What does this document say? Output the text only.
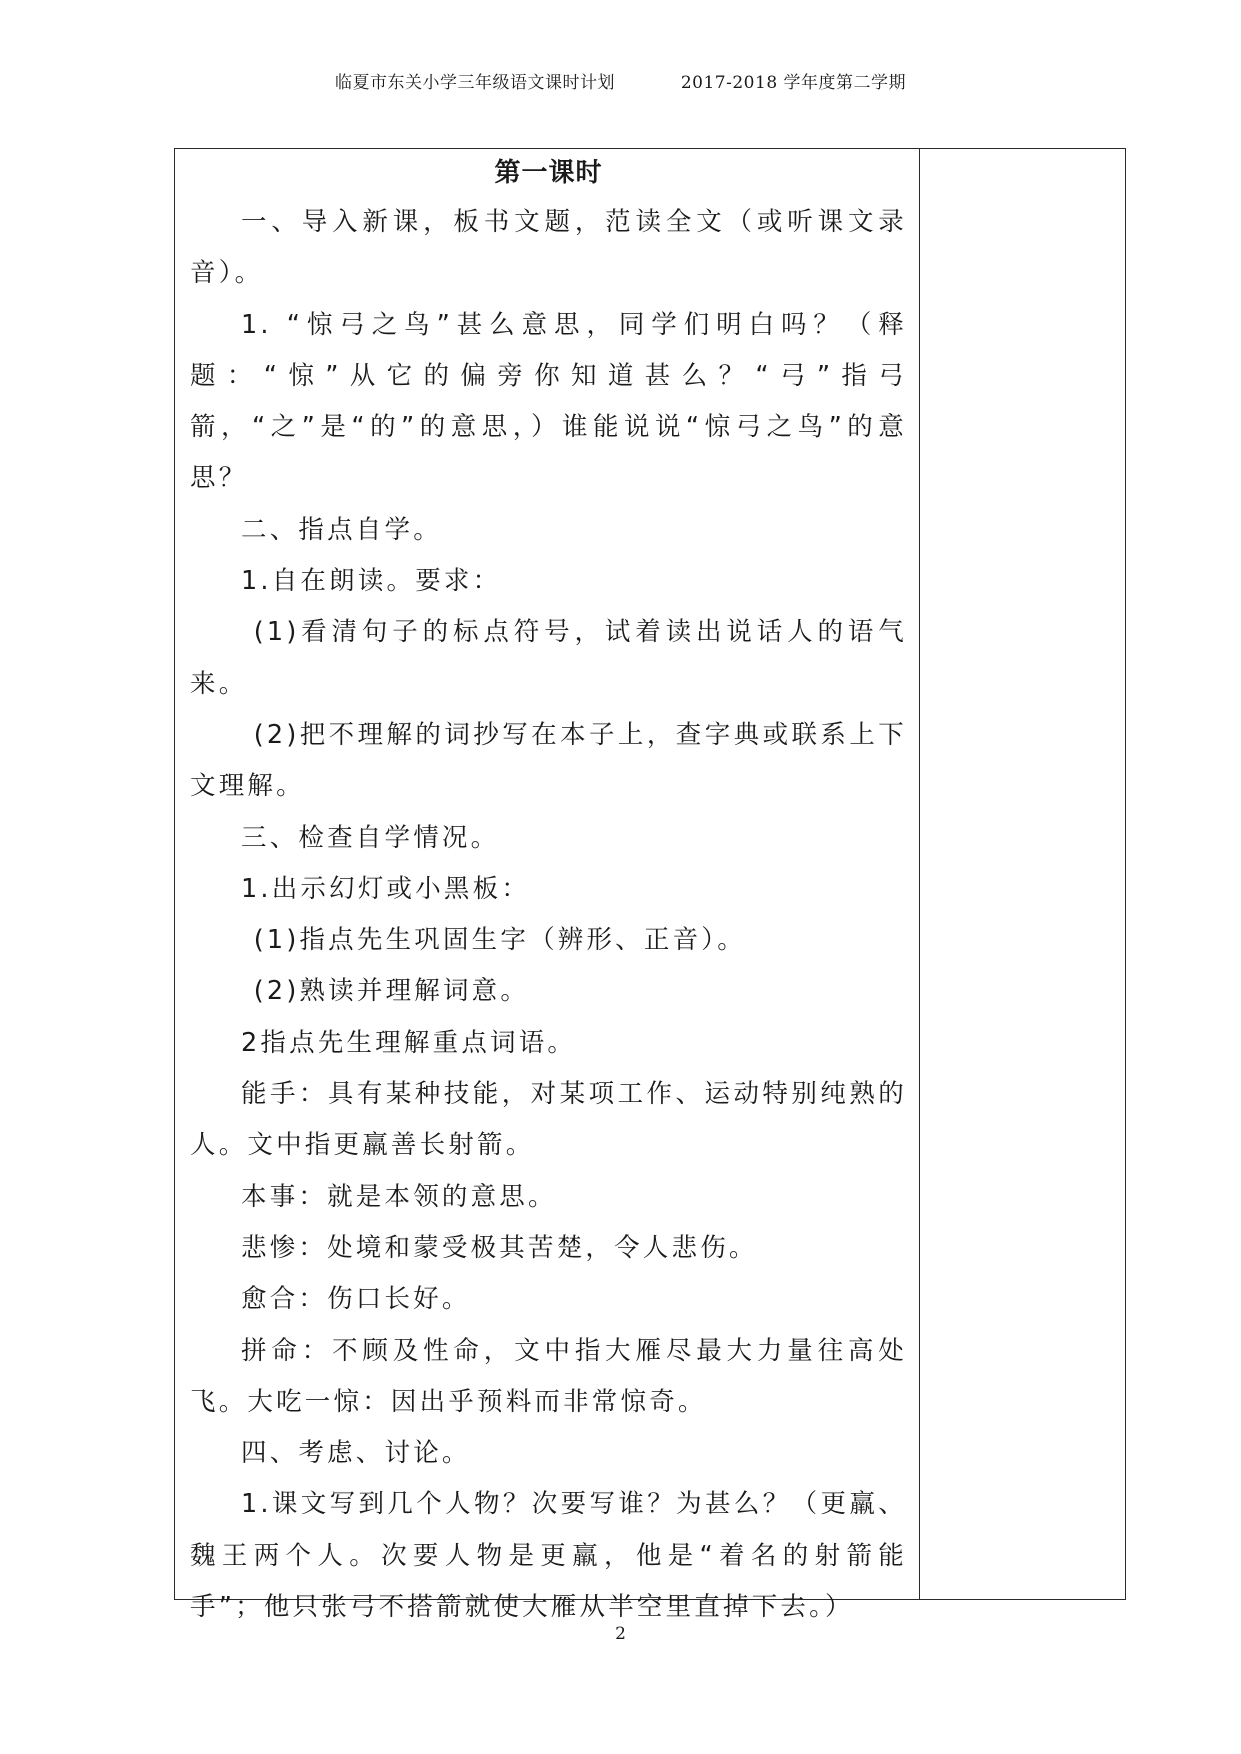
临夏市东关小学三年级语文课时计划	2017-2018 学年度第二学期
第一课时

一、导入新课，板书文题，范读全文（或听课文录音）。

1. “惊弓之鸟”甚么意思，同学们明白吗？（释题：“惊”从它的偏旁你知道甚么？“弓”指弓箭，“之”是“的”的意思，）谁能说说“惊弓之鸟”的意思？

二、指点自学。

1.自在朗读。要求：

(1)看清句子的标点符号，试着读出说话人的语气来。

(2)把不理解的词抄写在本子上，查字典或联系上下文理解。

三、检查自学情况。

1.出示幻灯或小黑板：

(1)指点先生巩固生字（辨形、正音）。

(2)熟读并理解词意。

2指点先生理解重点词语。

能手：具有某种技能，对某项工作、运动特别纯熟的人。文中指更羸善长射箭。

本事：就是本领的意思。

悲惨：处境和蒙受极其苦楚，令人悲伤。

愈合：伤口长好。

拼命：不顾及性命，文中指大雁尽最大力量往高处飞。大吃一惊：因出乎预料而非常惊奇。

四、考虑、讨论。

1.课文写到几个人物？次要写谁？为甚么？（更羸、魏王两个人。次要人物是更羸，他是“着名的射箭能手”；他只张弓不搭箭就使大雁从半空里直掉下去。）

2
